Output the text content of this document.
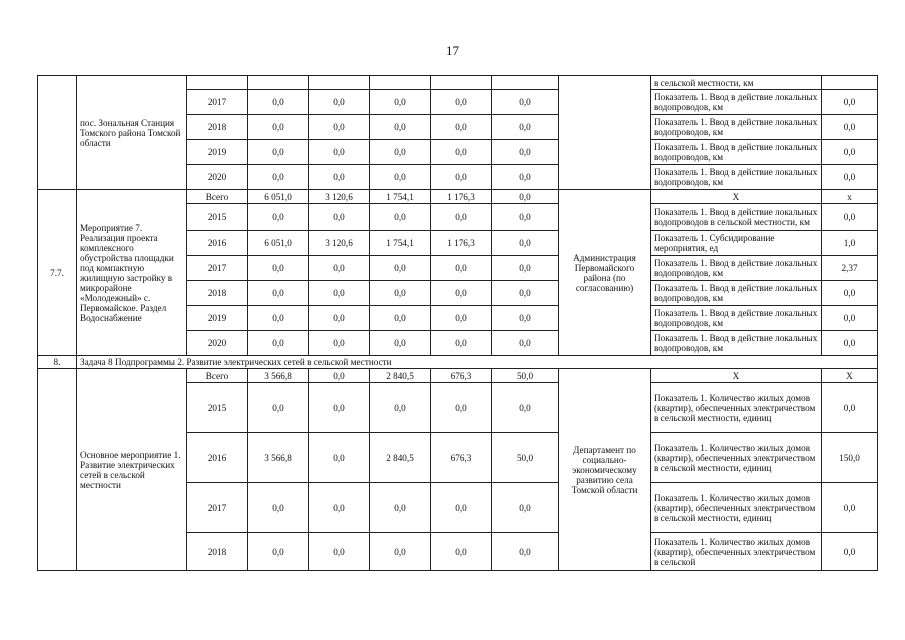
17
	пос. Зональная Станция Томского района Томской области								в сельской местности, км	
		2017	0,0	0,0	0,0	0,0	0,0		Показатель 1. Ввод в действие локальных водопроводов, км	0,0
		2018	0,0	0,0	0,0	0,0	0,0		Показатель 1. Ввод в действие локальных водопроводов, км	0,0
		2019	0,0	0,0	0,0	0,0	0,0		Показатель 1. Ввод в действие локальных водопроводов, км	0,0
		2020	0,0	0,0	0,0	0,0	0,0		Показатель 1. Ввод в действие локальных водопроводов, км	0,0
7.7.	Мероприятие 7. Реализация проекта комплексного обустройства площадки под компактную жилищную застройку в микрорайоне «Молодежный» с. Первомайское. Раздел Водоснабжение	Всего	6 051,0	3 120,6	1 754,1	1 176,3	0,0	Администрация Первомайского района (по согласованию)	Х	х
		2015	0,0	0,0	0,0	0,0	0,0		Показатель 1. Ввод в действие локальных водопроводов в сельской местности, км	0,0
		2016	6 051,0	3 120,6	1 754,1	1 176,3	0,0		Показатель 1. Субсидирование мероприятия, ед	1,0
		2017	0,0	0,0	0,0	0,0	0,0		Показатель 1. Ввод в действие локальных водопроводов, км	2,37
		2018	0,0	0,0	0,0	0,0	0,0		Показатель 1. Ввод в действие локальных водопроводов, км	0,0
		2019	0,0	0,0	0,0	0,0	0,0		Показатель 1. Ввод в действие локальных водопроводов, км	0,0
		2020	0,0	0,0	0,0	0,0	0,0		Показатель 1. Ввод в действие локальных водопроводов, км	0,0
8.	Задача 8 Подпрограммы 2. Развитие электрических сетей в сельской местности									
	Основное мероприятие 1. Развитие электрических сетей в сельской местности	Всего	3 566,8	0,0	2 840,5	676,3	50,0	Департамент по социально-экономическому развитию села Томской области	Х	Х
		2015	0,0	0,0	0,0	0,0	0,0		Показатель 1. Количество жилых домов (квартир), обеспеченных электричеством в сельской местности, единиц	0,0
		2016	3 566,8	0,0	2 840,5	676,3	50,0		Показатель 1. Количество жилых домов (квартир), обеспеченных электричеством в сельской местности, единиц	150,0
		2017	0,0	0,0	0,0	0,0	0,0		Показатель 1. Количество жилых домов (квартир), обеспеченных электричеством в сельской местности, единиц	0,0
		2018	0,0	0,0	0,0	0,0	0,0		Показатель 1. Количество жилых домов (квартир), обеспеченных электричеством в сельской	0,0
